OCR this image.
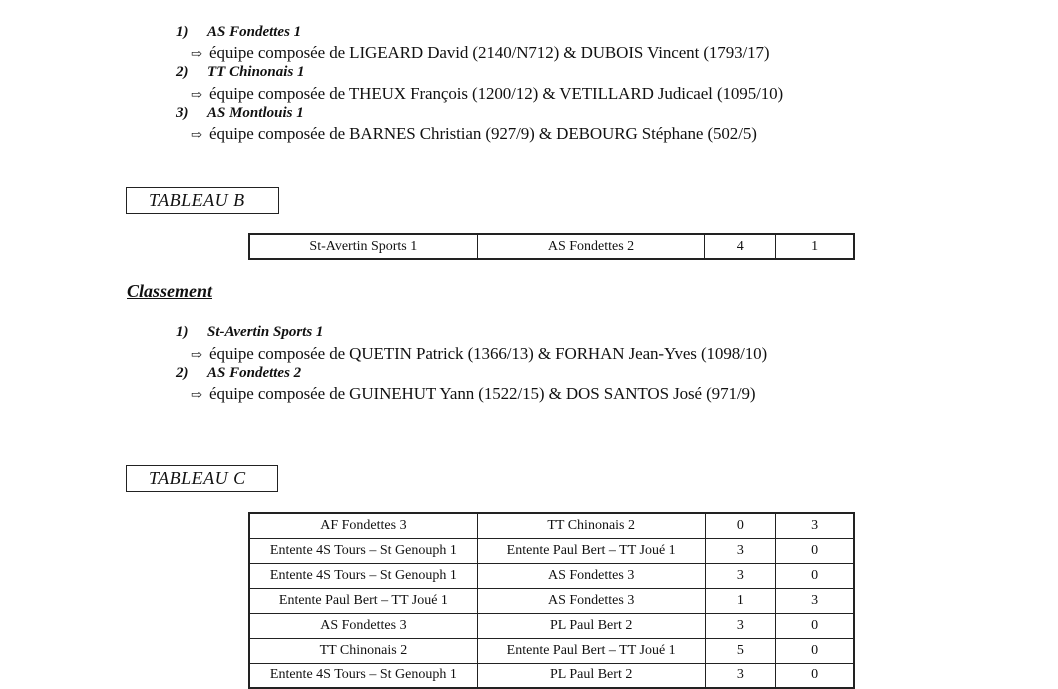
1) AS Fondettes 1
⇨ équipe composée de LIGEARD David (2140/N712) & DUBOIS Vincent (1793/17)
2) TT Chinonais 1
⇨ équipe composée de THEUX François (1200/12) & VETILLARD Judicael (1095/10)
3) AS Montlouis 1
⇨ équipe composée de BARNES Christian (927/9) & DEBOURG Stéphane (502/5)
TABLEAU B
St-Avertin Sports 1	AS Fondettes 2	4	1
Classement
1) St-Avertin Sports 1
⇨ équipe composée de QUETIN Patrick (1366/13) & FORHAN Jean-Yves (1098/10)
2) AS Fondettes 2
⇨ équipe composée de GUINEHUT Yann (1522/15) & DOS SANTOS José (971/9)
TABLEAU C
AF Fondettes 3	TT Chinonais 2	0	3
Entente 4S Tours – St Genouph 1	Entente Paul Bert – TT Joué 1	3	0
Entente 4S Tours – St Genouph 1	AS Fondettes 3	3	0
Entente Paul Bert – TT Joué 1	AS Fondettes 3	1	3
AS Fondettes 3	PL Paul Bert 2	3	0
TT Chinonais 2	Entente Paul Bert – TT Joué 1	5	0
Entente 4S Tours – St Genouph 1	PL Paul Bert 2	3	0
